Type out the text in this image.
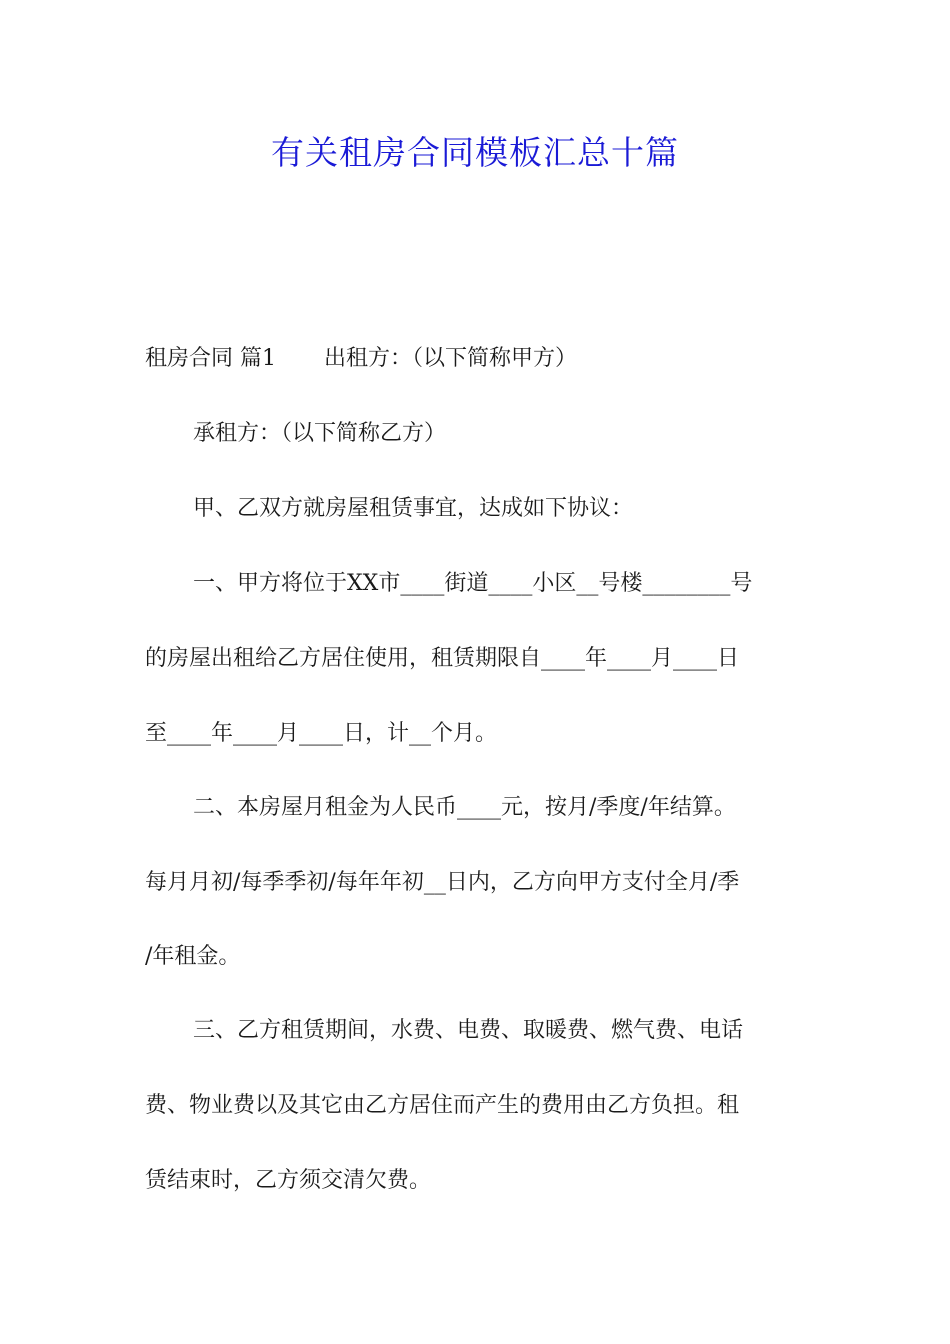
有关租房合同模板汇总十篇
租房合同 篇1 出租方：（以下简称甲方）
承租方：（以下简称乙方）
甲、乙双方就房屋租赁事宜，达成如下协议：
一、甲方将位于XX市____街道____小区__号楼________号
的房屋出租给乙方居住使用，租赁期限自____年____月____日
至____年____月____日，计__个月。
二、本房屋月租金为人民币____元，按月/季度/年结算。
每月月初/每季季初/每年年初__日内，乙方向甲方支付全月/季
/年租金。
三、乙方租赁期间，水费、电费、取暖费、燃气费、电话
费、物业费以及其它由乙方居住而产生的费用由乙方负担。租
赁结束时，乙方须交清欠费。
